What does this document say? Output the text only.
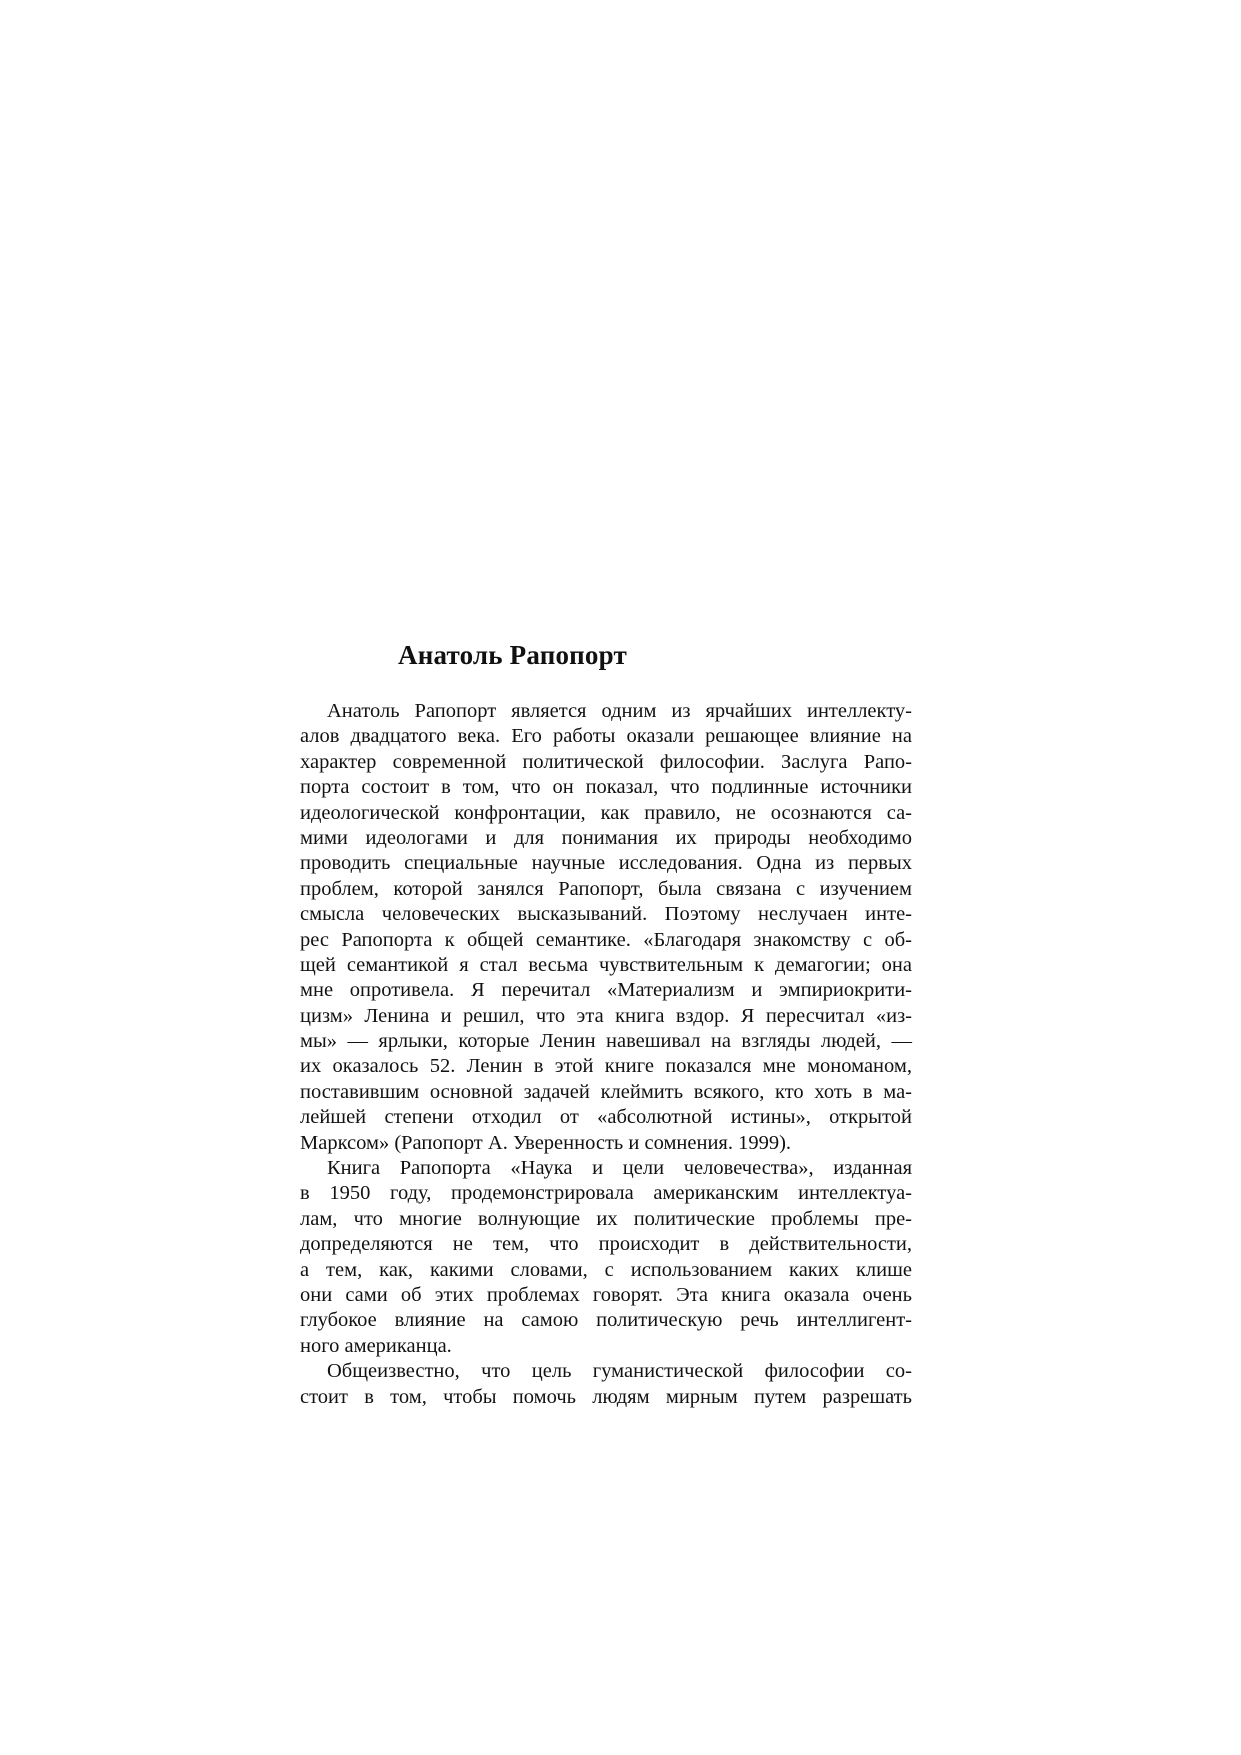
Анатоль Рапопорт
Анатоль Рапопорт является одним из ярчайших интеллекту-
алов двадцатого века. Его работы оказали решающее влияние на
характер современной политической философии. Заслуга Рапо-
порта состоит в том, что он показал, что подлинные источники
идеологической конфронтации, как правило, не осознаются са-
мими идеологами и для понимания их природы необходимо
проводить специальные научные исследования. Одна из первых
проблем, которой занялся Рапопорт, была связана с изучением
смысла человеческих высказываний. Поэтому неслучаен инте-
рес Рапопорта к общей семантике. «Благодаря знакомству с об-
щей семантикой я стал весьма чувствительным к демагогии; она
мне опротивела. Я перечитал «Материализм и эмпириокрити-
цизм» Ленина и решил, что эта книга вздор. Я пересчитал «из-
мы» — ярлыки, которые Ленин навешивал на взгляды людей, —
их оказалось 52. Ленин в этой книге показался мне мономаном,
поставившим основной задачей клеймить всякого, кто хоть в ма-
лейшей степени отходил от «абсолютной истины», открытой
Марксом» (Рапопорт А. Уверенность и сомнения. 1999).
Книга Рапопорта «Наука и цели человечества», изданная
в 1950 году, продемонстрировала американским интеллектуа-
лам, что многие волнующие их политические проблемы пре-
допределяются не тем, что происходит в действительности,
а тем, как, какими словами, с использованием каких клише
они сами об этих проблемах говорят. Эта книга оказала очень
глубокое влияние на самою политическую речь интеллигент-
ного американца.
Общеизвестно, что цель гуманистической философии со-
стоит в том, чтобы помочь людям мирным путем разрешать
